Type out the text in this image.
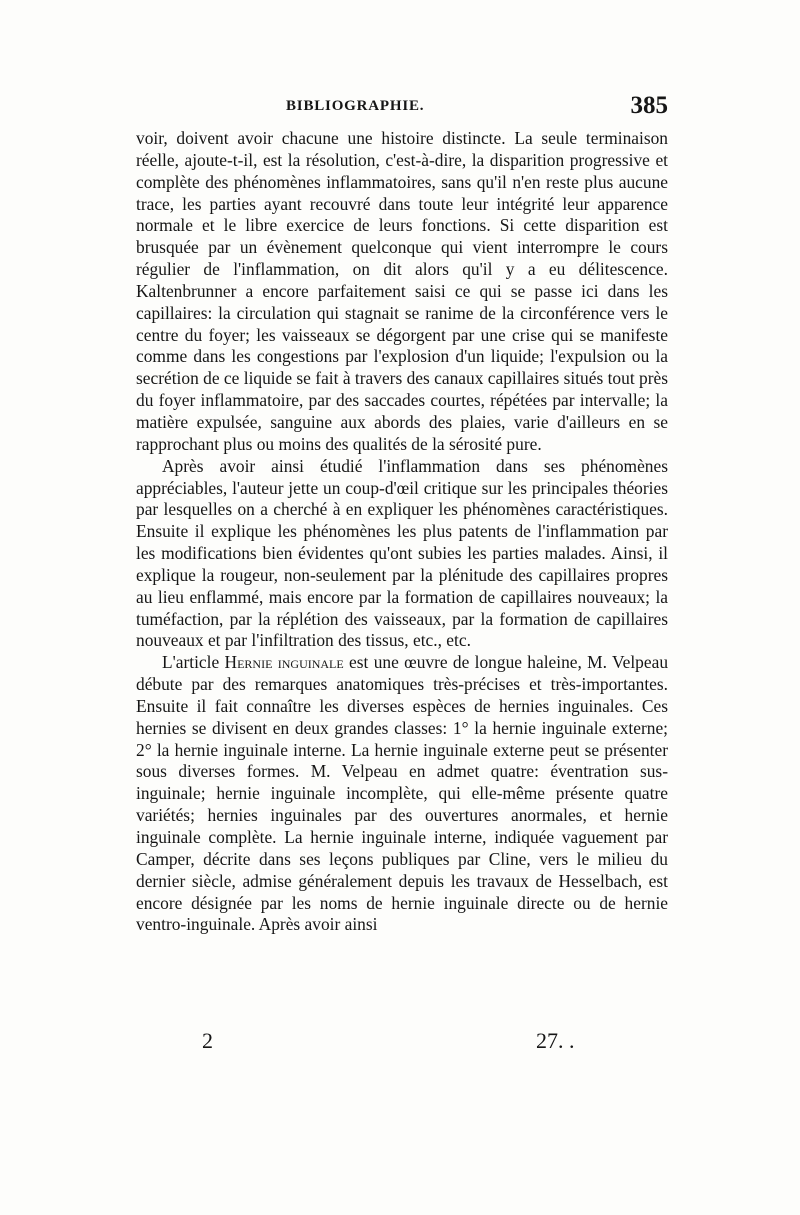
BIBLIOGRAPHIE.	385

voir, doivent avoir chacune une histoire distincte. La seule terminaison réelle, ajoute-t-il, est la résolution, c'est-à-dire, la disparition progressive et complète des phénomènes inflammatoires, sans qu'il n'en reste plus aucune trace, les parties ayant recouvré dans toute leur intégrité leur apparence normale et le libre exercice de leurs fonctions. Si cette disparition est brusquée par un évènement quelconque qui vient interrompre le cours régulier de l'inflammation, on dit alors qu'il y a eu délitescence. Kaltenbrunner a encore parfaitement saisi ce qui se passe ici dans les capillaires: la circulation qui stagnait se ranime de la circonférence vers le centre du foyer; les vaisseaux se dégorgent par une crise qui se manifeste comme dans les congestions par l'explosion d'un liquide; l'expulsion ou la secrétion de ce liquide se fait à travers des canaux capillaires situés tout près du foyer inflammatoire, par des saccades courtes, répétées par intervalle; la matière expulsée, sanguine aux abords des plaies, varie d'ailleurs en se rapprochant plus ou moins des qualités de la sérosité pure.

Après avoir ainsi étudié l'inflammation dans ses phénomènes appréciables, l'auteur jette un coup-d'œil critique sur les principales théories par lesquelles on a cherché à en expliquer les phénomènes caractéristiques. Ensuite il explique les phénomènes les plus patents de l'inflammation par les modifications bien évidentes qu'ont subies les parties malades. Ainsi, il explique la rougeur, non-seulement par la plénitude des capillaires propres au lieu enflammé, mais encore par la formation de capillaires nouveaux; la tuméfaction, par la réplétion des vaisseaux, par la formation de capillaires nouveaux et par l'infiltration des tissus, etc., etc.

L'article Hernie inguinale est une œuvre de longue haleine, M. Velpeau débute par des remarques anatomiques très-précises et très-importantes. Ensuite il fait connaître les diverses espèces de hernies inguinales. Ces hernies se divisent en deux grandes classes: 1° la hernie inguinale externe; 2° la hernie inguinale interne. La hernie inguinale externe peut se présenter sous diverses formes. M. Velpeau en admet quatre: éventration sus-inguinale; hernie inguinale incomplète, qui elle-même présente quatre variétés; hernies inguinales par des ouvertures anormales, et hernie inguinale complète. La hernie inguinale interne, indiquée vaguement par Camper, décrite dans ses leçons publiques par Cline, vers le milieu du dernier siècle, admise généralement depuis les travaux de Hesselbach, est encore désignée par les noms de hernie inguinale directe ou de hernie ventro-inguinale. Après avoir ainsi

2	27. .
